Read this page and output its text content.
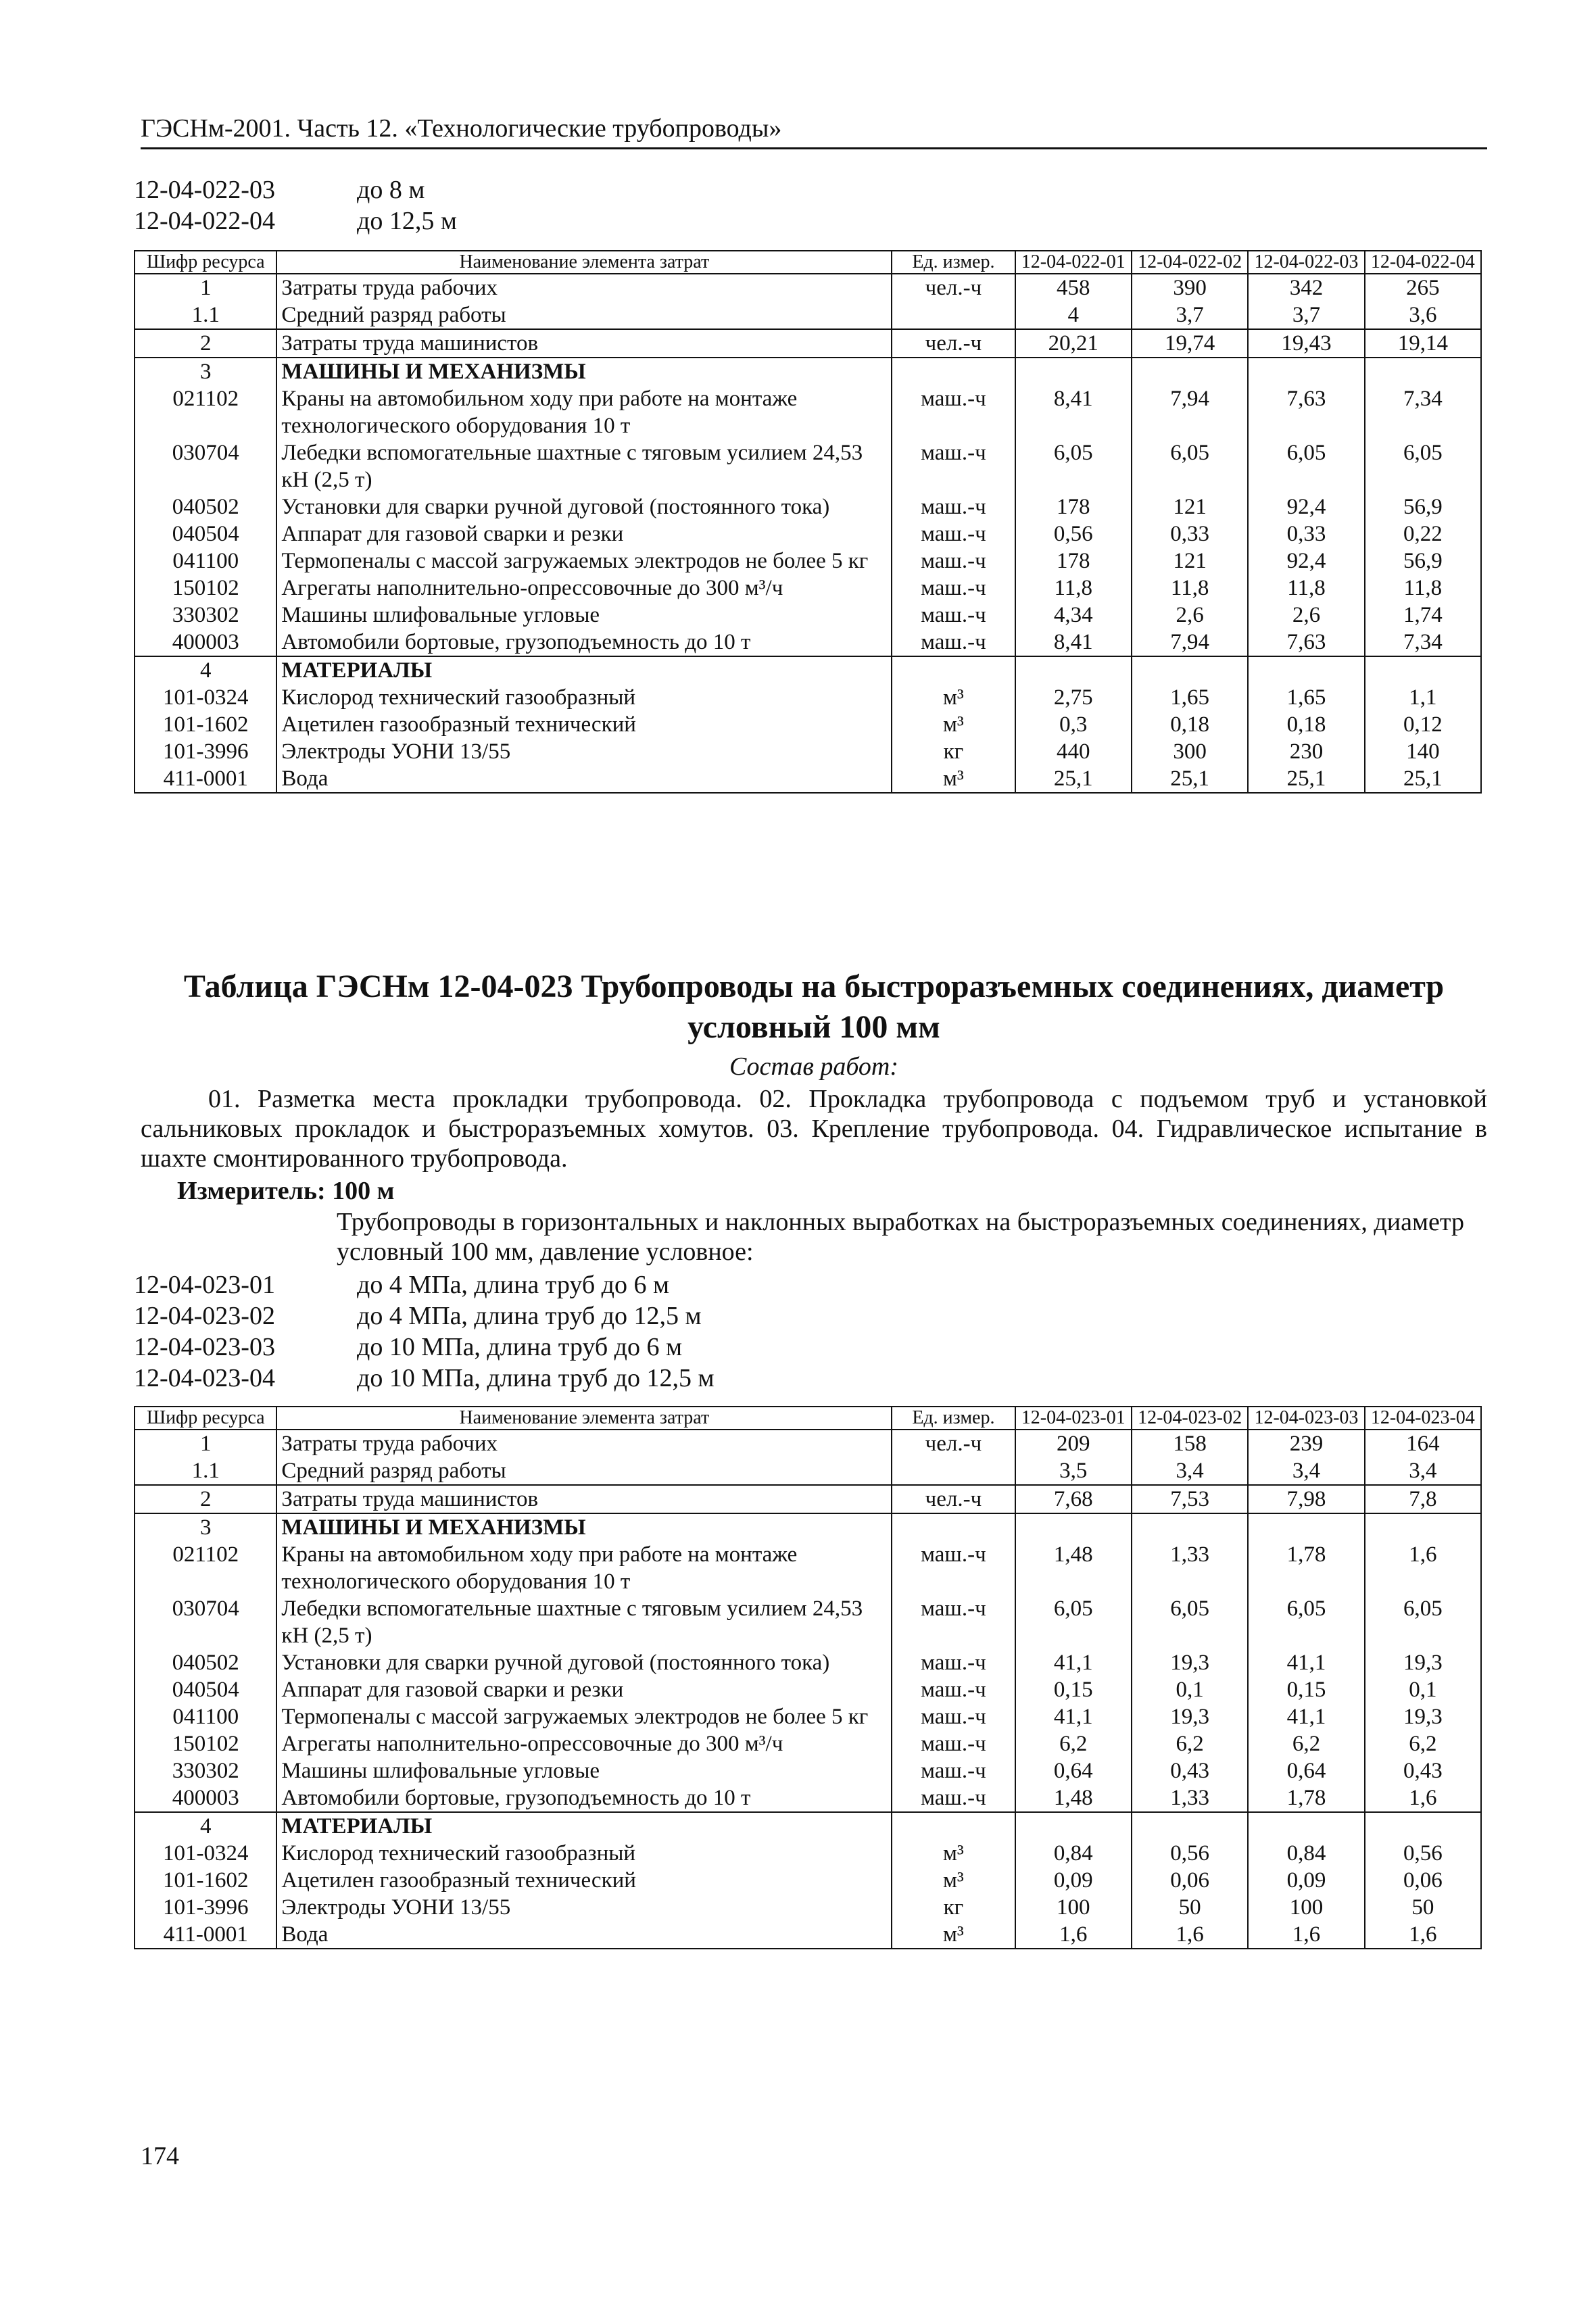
ГЭСНм-2001. Часть 12. «Технологические трубопроводы»
12-04-022-03	до 8 м
12-04-022-04	до 12,5 м
Шифр ресурса	Наименование элемента затрат	Ед. измер.	12-04-022-01	12-04-022-02	12-04-022-03	12-04-022-04
1	Затраты труда рабочих	чел.-ч	458	390	342	265
1.1	Средний разряд работы		4	3,7	3,7	3,6
2	Затраты труда машинистов	чел.-ч	20,21	19,74	19,43	19,14
3	МАШИНЫ И МЕХАНИЗМЫ					
021102	Краны на автомобильном ходу при работе на монтаже технологического оборудования 10 т	маш.-ч	8,41	7,94	7,63	7,34
030704	Лебедки вспомогательные шахтные с тяговым усилием 24,53 кН (2,5 т)	маш.-ч	6,05	6,05	6,05	6,05
040502	Установки для сварки ручной дуговой (постоянного тока)	маш.-ч	178	121	92,4	56,9
040504	Аппарат для газовой сварки и резки	маш.-ч	0,56	0,33	0,33	0,22
041100	Термопеналы с массой загружаемых электродов не более 5 кг	маш.-ч	178	121	92,4	56,9
150102	Агрегаты наполнительно-опрессовочные до 300 м³/ч	маш.-ч	11,8	11,8	11,8	11,8
330302	Машины шлифовальные угловые	маш.-ч	4,34	2,6	2,6	1,74
400003	Автомобили бортовые, грузоподъемность до 10 т	маш.-ч	8,41	7,94	7,63	7,34
4	МАТЕРИАЛЫ					
101-0324	Кислород технический газообразный	м³	2,75	1,65	1,65	1,1
101-1602	Ацетилен газообразный технический	м³	0,3	0,18	0,18	0,12
101-3996	Электроды УОНИ 13/55	кг	440	300	230	140
411-0001	Вода	м³	25,1	25,1	25,1	25,1
Таблица ГЭСНм 12-04-023 Трубопроводы на быстроразъемных соединениях, диаметр условный 100 мм
Состав работ:
01. Разметка места прокладки трубопровода. 02. Прокладка трубопровода с подъемом труб и установкой сальниковых прокладок и быстроразъемных хомутов. 03. Крепление трубопровода. 04. Гидравлическое испытание в шахте смонтированного трубопровода.
Измеритель: 100 м
Трубопроводы в горизонтальных и наклонных выработках на быстроразъемных соединениях, диаметр условный 100 мм, давление условное:
12-04-023-01	до 4 МПа, длина труб до 6 м
12-04-023-02	до 4 МПа, длина труб до 12,5 м
12-04-023-03	до 10 МПа, длина труб до 6 м
12-04-023-04	до 10 МПа, длина труб до 12,5 м
Шифр ресурса	Наименование элемента затрат	Ед. измер.	12-04-023-01	12-04-023-02	12-04-023-03	12-04-023-04
1	Затраты труда рабочих	чел.-ч	209	158	239	164
1.1	Средний разряд работы		3,5	3,4	3,4	3,4
2	Затраты труда машинистов	чел.-ч	7,68	7,53	7,98	7,8
3	МАШИНЫ И МЕХАНИЗМЫ					
021102	Краны на автомобильном ходу при работе на монтаже технологического оборудования 10 т	маш.-ч	1,48	1,33	1,78	1,6
030704	Лебедки вспомогательные шахтные с тяговым усилием 24,53 кН (2,5 т)	маш.-ч	6,05	6,05	6,05	6,05
040502	Установки для сварки ручной дуговой (постоянного тока)	маш.-ч	41,1	19,3	41,1	19,3
040504	Аппарат для газовой сварки и резки	маш.-ч	0,15	0,1	0,15	0,1
041100	Термопеналы с массой загружаемых электродов не более 5 кг	маш.-ч	41,1	19,3	41,1	19,3
150102	Агрегаты наполнительно-опрессовочные до 300 м³/ч	маш.-ч	6,2	6,2	6,2	6,2
330302	Машины шлифовальные угловые	маш.-ч	0,64	0,43	0,64	0,43
400003	Автомобили бортовые, грузоподъемность до 10 т	маш.-ч	1,48	1,33	1,78	1,6
4	МАТЕРИАЛЫ					
101-0324	Кислород технический газообразный	м³	0,84	0,56	0,84	0,56
101-1602	Ацетилен газообразный технический	м³	0,09	0,06	0,09	0,06
101-3996	Электроды УОНИ 13/55	кг	100	50	100	50
411-0001	Вода	м³	1,6	1,6	1,6	1,6
174
